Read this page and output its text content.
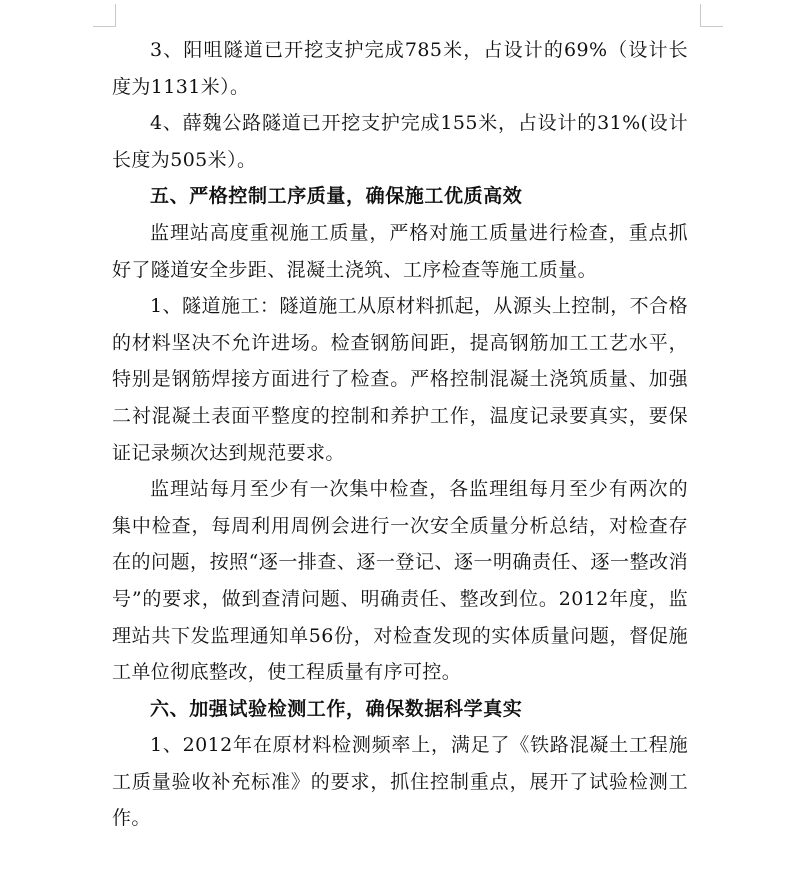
3、阳咀隧道已开挖支护完成785米，占设计的69%（设计长度为1131米）。

4、薛魏公路隧道已开挖支护完成155米，占设计的31%(设计长度为505米）。

五、严格控制工序质量，确保施工优质高效

监理站高度重视施工质量，严格对施工质量进行检查，重点抓好了隧道安全步距、混凝土浇筑、工序检查等施工质量。

1、隧道施工：隧道施工从原材料抓起，从源头上控制，不合格的材料坚决不允许进场。检查钢筋间距，提高钢筋加工工艺水平，特别是钢筋焊接方面进行了检查。严格控制混凝土浇筑质量、加强二衬混凝土表面平整度的控制和养护工作，温度记录要真实，要保证记录频次达到规范要求。

监理站每月至少有一次集中检查，各监理组每月至少有两次的集中检查，每周利用周例会进行一次安全质量分析总结，对检查存在的问题，按照“逐一排查、逐一登记、逐一明确责任、逐一整改消号”的要求，做到查清问题、明确责任、整改到位。2012年度，监理站共下发监理通知单56份，对检查发现的实体质量问题，督促施工单位彻底整改，使工程质量有序可控。

六、加强试验检测工作，确保数据科学真实

1、2012年在原材料检测频率上，满足了《铁路混凝土工程施工质量验收补充标准》的要求，抓住控制重点，展开了试验检测工作。
